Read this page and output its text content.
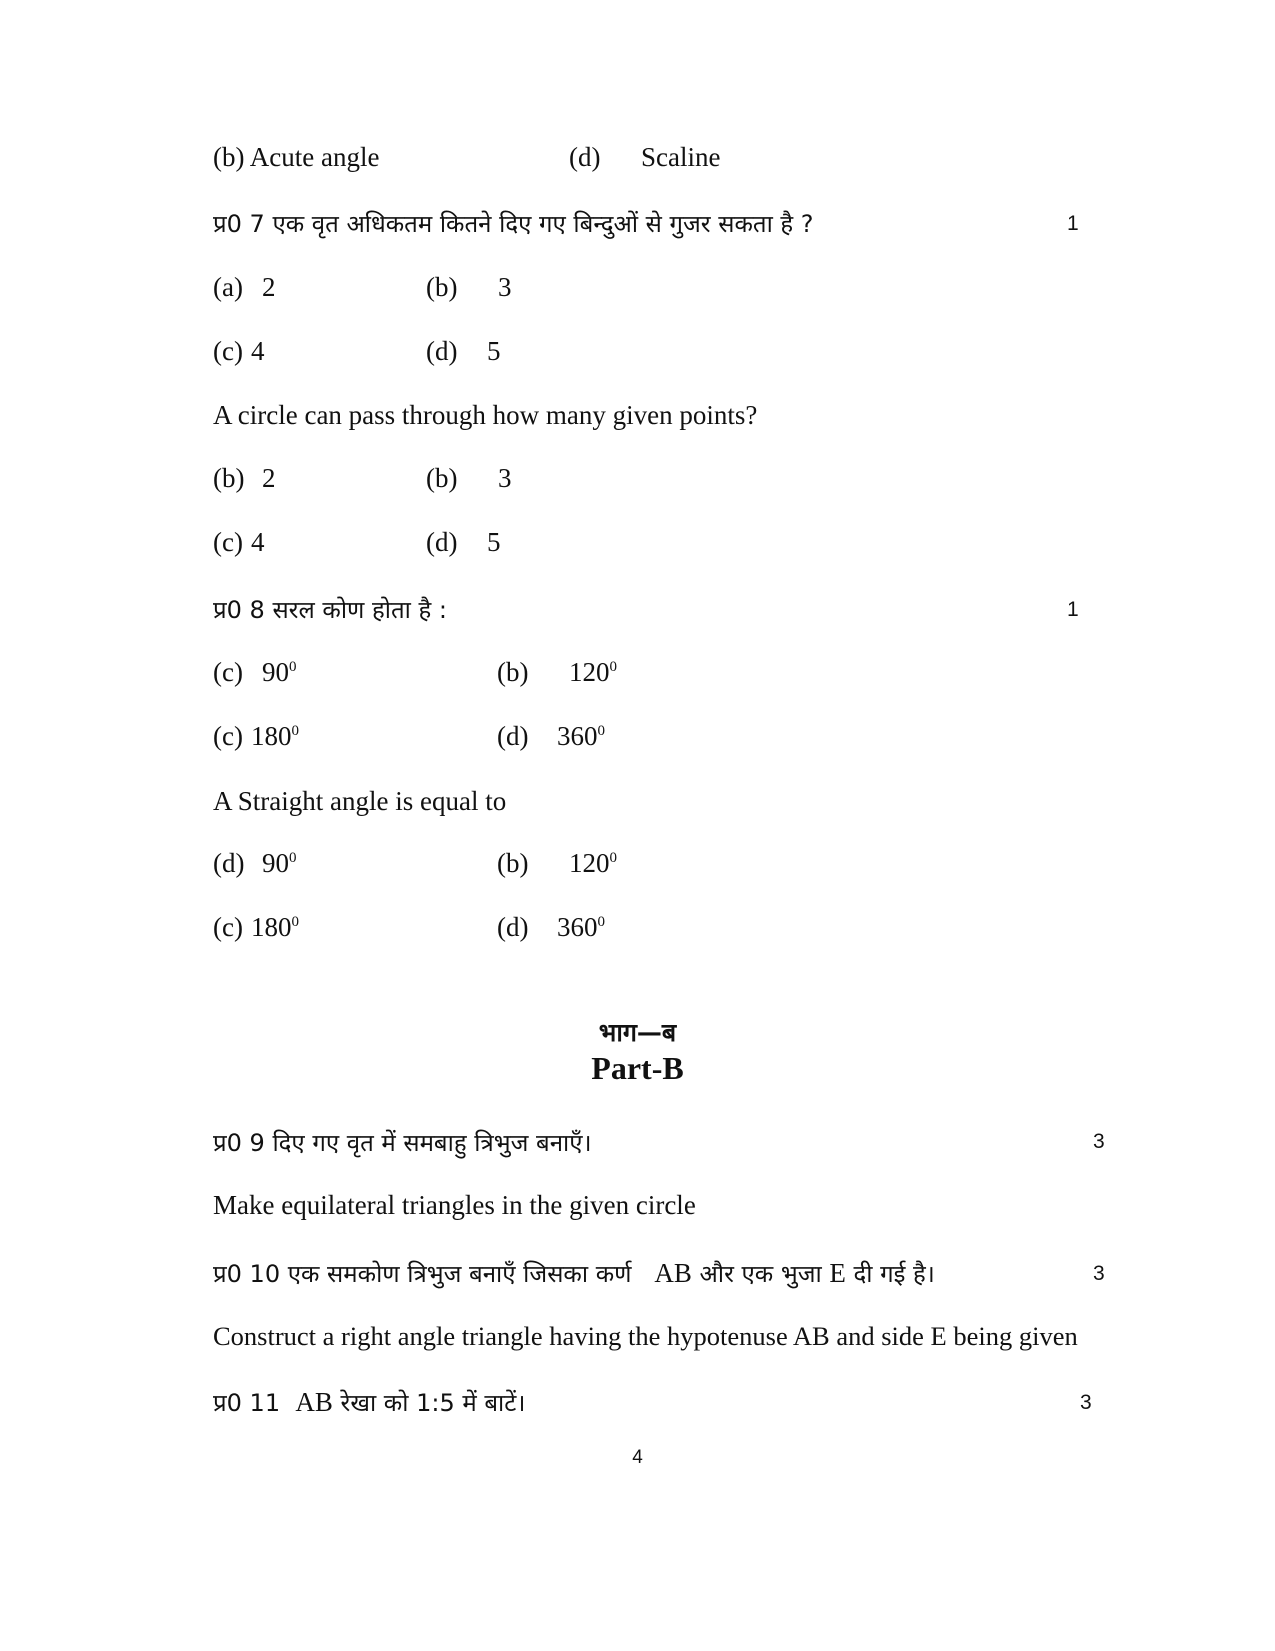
(b) Acute angle	(d) Scaline
प्र0 7 एक वृत अधिकतम कितने दिए गए बिन्दुओं से गुजर सकता है ?	1
(a) 2	(b) 3
(c) 4	(d) 5
A circle can pass through how many given points?
(b) 2	(b) 3
(c) 4	(d) 5
प्र0 8 सरल कोण होता है :	1
(c) $90^0$	(b) $120^0$
(c) $180^0$	(d) $360^0$
A Straight angle is equal to
(d) $90^0$	(b) $120^0$
(c) $180^0$	(d) $360^0$
भाग—ब
Part-B
प्र0 9 दिए गए वृत में समबाहु त्रिभुज बनाएँ।	3
Make equilateral triangles in the given circle
प्र0 10 एक समकोण त्रिभुज बनाएँ जिसका कर्ण AB और एक भुजा E दी गई है।	3
Construct a right angle triangle having the hypotenuse AB and side E being given
प्र0 11 AB रेखा को 1:5 में बाटें।	3
4
